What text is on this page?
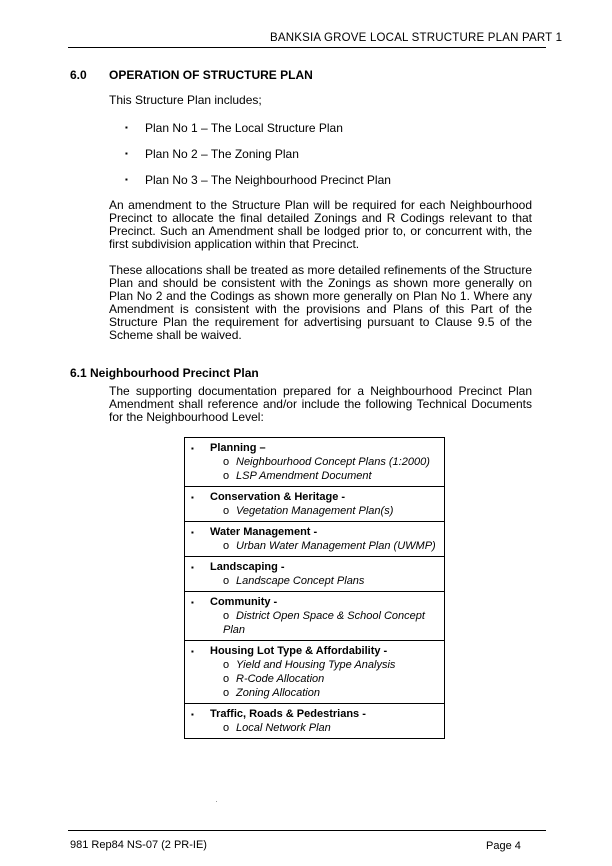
BANKSIA GROVE LOCAL STRUCTURE PLAN PART 1
6.0 OPERATION OF STRUCTURE PLAN

This Structure Plan includes;

▪ Plan No 1 – The Local Structure Plan
▪ Plan No 2 – The Zoning Plan
▪ Plan No 3 – The Neighbourhood Precinct Plan

An amendment to the Structure Plan will be required for each Neighbourhood Precinct to allocate the final detailed Zonings and R Codings relevant to that Precinct. Such an Amendment shall be lodged prior to, or concurrent with, the first subdivision application within that Precinct.

These allocations shall be treated as more detailed refinements of the Structure Plan and should be consistent with the Zonings as shown more generally on Plan No 2 and the Codings as shown more generally on Plan No 1. Where any Amendment is consistent with the provisions and Plans of this Part of the Structure Plan the requirement for advertising pursuant to Clause 9.5 of the Scheme shall be waived.

6.1 Neighbourhood Precinct Plan

The supporting documentation prepared for a Neighbourhood Precinct Plan Amendment shall reference and/or include the following Technical Documents for the Neighbourhood Level:

▪ Planning –
o Neighbourhood Concept Plans (1:2000)
o LSP Amendment Document
▪ Conservation & Heritage -
o Vegetation Management Plan(s)
▪ Water Management -
o Urban Water Management Plan (UWMP)
▪ Landscaping -
o Landscape Concept Plans
▪ Community -
o District Open Space & School Concept Plan
▪ Housing Lot Type & Affordability -
o Yield and Housing Type Analysis
o R-Code Allocation
o Zoning Allocation
▪ Traffic, Roads & Pedestrians -
o Local Network Plan
981 Rep84 NS-07 (2 PR-IE)	Page 4
